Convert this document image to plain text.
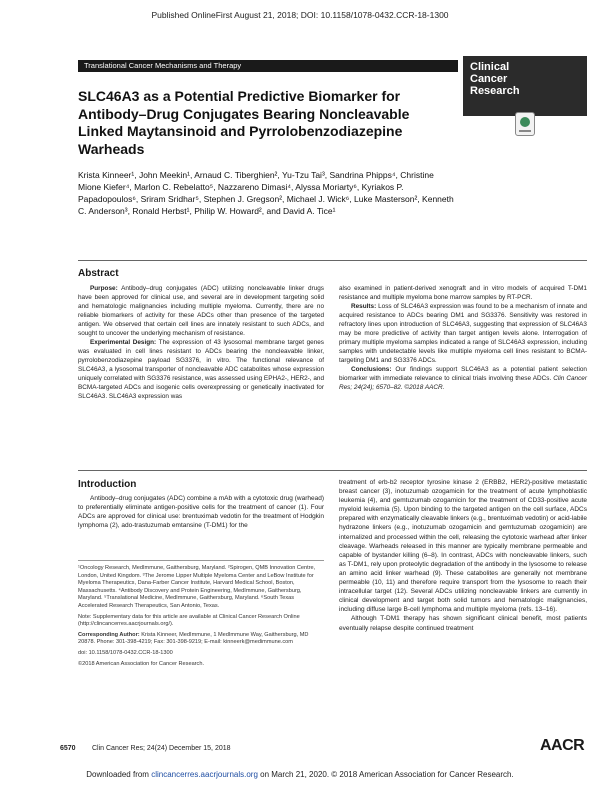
Published OnlineFirst August 21, 2018; DOI: 10.1158/1078-0432.CCR-18-1300
Translational Cancer Mechanisms and Therapy	Clinical
Cancer
Research
SLC46A3 as a Potential Predictive Biomarker for Antibody–Drug Conjugates Bearing Noncleavable Linked Maytansinoid and Pyrrolobenzodiazepine Warheads
Krista Kinneer¹, John Meekin¹, Arnaud C. Tiberghien², Yu-Tzu Tai³, Sandrina Phipps⁴, Christine Mione Kiefer⁴, Marlon C. Rebelatto⁵, Nazzareno Dimasi⁴, Alyssa Moriarty⁶, Kyriakos P. Papadopoulos⁶, Sriram Sridhar⁵, Stephen J. Gregson², Michael J. Wick⁶, Luke Masterson², Kenneth C. Anderson³, Ronald Herbst¹, Philip W. Howard², and David A. Tice¹
Abstract

Purpose: Antibody–drug conjugates (ADC) utilizing noncleavable linker drugs have been approved for clinical use, and several are in development targeting solid and hematologic malignancies including multiple myeloma. Currently, there are no reliable biomarkers of activity for these ADCs other than presence of the targeted antigen. We observed that certain cell lines are innately resistant to such ADCs, and sought to uncover the underlying mechanism of resistance.

Experimental Design: The expression of 43 lysosomal membrane target genes was evaluated in cell lines resistant to ADCs bearing the noncleavable linker, pyrrolobenzodiazepine payload SG3376, in vitro. The functional relevance of SLC46A3, a lysosomal transporter of noncleavable ADC catabolites whose expression uniquely correlated with SG3376 resistance, was assessed using EPHA2-, HER2-, and BCMA-targeted ADCs and isogenic cells overexpressing or genetically inactivated for SLC46A3. SLC46A3 expression was

also examined in patient-derived xenograft and in vitro models of acquired T-DM1 resistance and multiple myeloma bone marrow samples by RT-PCR.

Results: Loss of SLC46A3 expression was found to be a mechanism of innate and acquired resistance to ADCs bearing DM1 and SG3376. Sensitivity was restored in refractory lines upon introduction of SLC46A3, suggesting that expression of SLC46A3 may be more predictive of activity than target antigen levels alone. Interrogation of primary multiple myeloma samples indicated a range of SLC46A3 expression, including samples with undetectable levels like multiple myeloma cell lines resistant to BCMA-targeting DM1 and SG3376 ADCs.

Conclusions: Our findings support SLC46A3 as a potential patient selection biomarker with immediate relevance to clinical trials involving these ADCs. Clin Cancer Res; 24(24); 6570–82. ©2018 AACR.

Introduction

Antibody–drug conjugates (ADC) combine a mAb with a cytotoxic drug (warhead) to preferentially eliminate antigen-positive cells for the treatment of cancer (1). Four ADCs are approved for clinical use: brentuximab vedotin for the treatment of Hodgkin lymphoma (2), ado-trastuzumab emtansine (T-DM1) for the

¹Oncology Research, MedImmune, Gaithersburg, Maryland. ²Spirogen, QMB Innovation Centre, London, United Kingdom. ³The Jerome Lipper Multiple Myeloma Center and LeBow Institute for Myeloma Therapeutics, Dana-Farber Cancer Institute, Harvard Medical School, Boston, Massachusetts. ⁴Antibody Discovery and Protein Engineering, MedImmune, Gaithersburg, Maryland. ⁵Translational Medicine, MedImmune, Gaithersburg, Maryland. ⁶South Texas Accelerated Research Therapeutics, San Antonio, Texas.

Note: Supplementary data for this article are available at Clinical Cancer Research Online (http://clincancerres.aacrjournals.org/).

Corresponding Author: Krista Kinneer, MedImmune, 1 MedImmune Way, Gaithersburg, MD 20878. Phone: 301-398-4219; Fax: 301-398-9219; E-mail: kinneerk@medimmune.com

doi: 10.1158/1078-0432.CCR-18-1300

©2018 American Association for Cancer Research.

treatment of erb-b2 receptor tyrosine kinase 2 (ERBB2, HER2)-positive metastatic breast cancer (3), inotuzumab ozogamicin for the treatment of acute lymphoblastic leukemia (4), and gemtuzumab ozogamicin for the treatment of CD33-positive acute myeloid leukemia (5). Upon binding to the targeted antigen on the cell surface, ADCs prepared with enzymatically cleavable linkers (e.g., brentuximab vedotin) or acid-labile hydrazone linkers (e.g., inotuzumab ozogamicin and gemtuzumab ozogamicin) are internalized and processed within the cell, releasing the cytotoxic warhead after linker cleavage. Warheads released in this manner are typically membrane permeable and capable of bystander killing (6–8). In contrast, ADCs with noncleavable linkers, such as T-DM1, rely upon proteolytic degradation of the antibody in the lysosome to release an amino acid linker warhead (9). These catabolites are generally not membrane permeable (10, 11) and therefore require transport from the lysosome to reach their intracellular target (12). Several ADCs utilizing noncleavable linkers are currently in clinical development and target both solid tumors and hematologic malignancies, including diffuse large B-cell lymphoma and multiple myeloma (refs. 13–16).

Although T-DM1 therapy has shown significant clinical benefit, most patients eventually relapse despite continued treatment

6570 Clin Cancer Res; 24(24) December 15, 2018	AACR
Downloaded from clincancerres.aacrjournals.org on March 21, 2020. © 2018 American Association for Cancer Research.
